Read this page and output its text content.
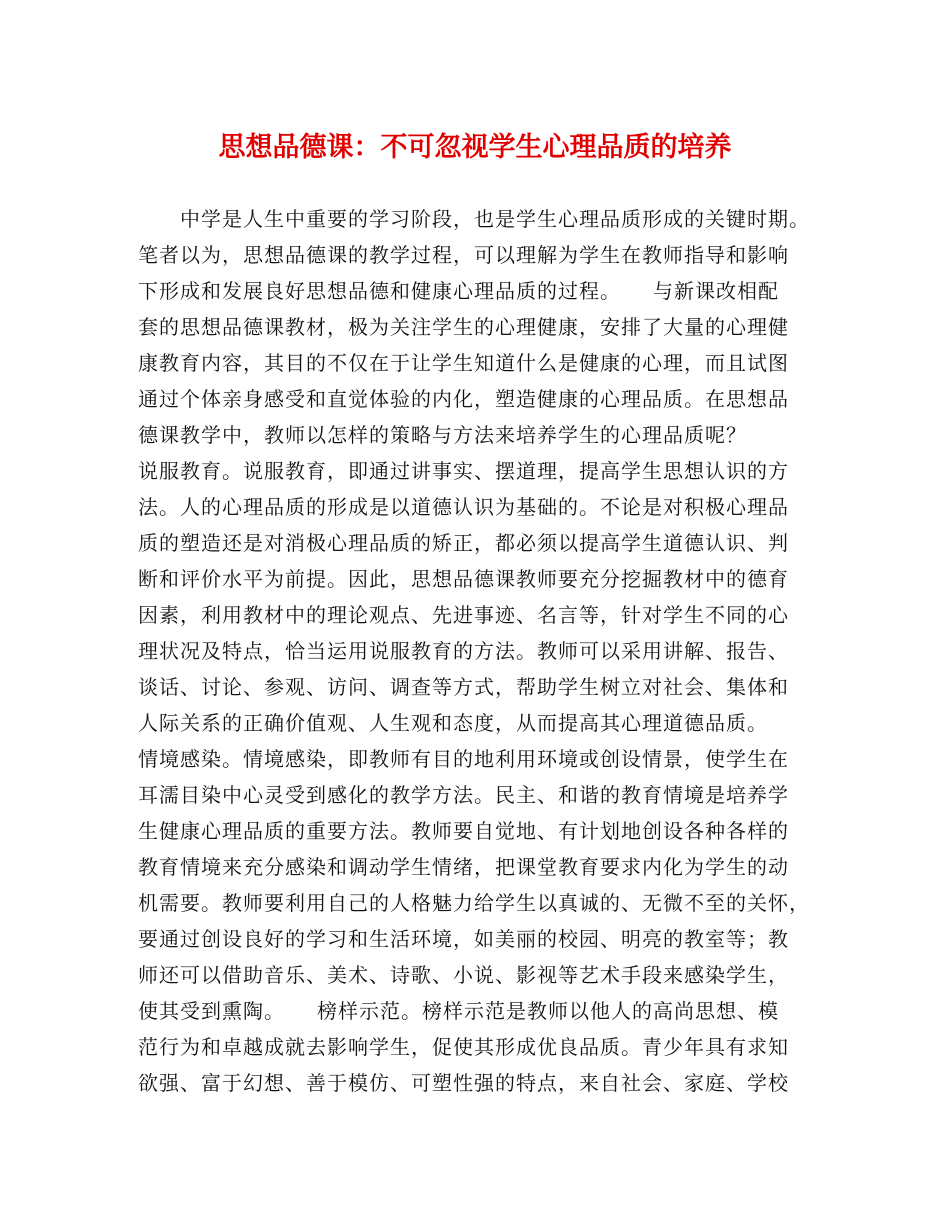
思想品德课：不可忽视学生心理品质的培养
　　中学是人生中重要的学习阶段，也是学生心理品质形成的关键时期。
笔者以为，思想品德课的教学过程，可以理解为学生在教师指导和影响
下形成和发展良好思想品德和健康心理品质的过程。　　与新课改相配
套的思想品德课教材，极为关注学生的心理健康，安排了大量的心理健
康教育内容，其目的不仅在于让学生知道什么是健康的心理，而且试图
通过个体亲身感受和直觉体验的内化，塑造健康的心理品质。在思想品
德课教学中，教师以怎样的策略与方法来培养学生的心理品质呢？
说服教育。说服教育，即通过讲事实、摆道理，提高学生思想认识的方
法。人的心理品质的形成是以道德认识为基础的。不论是对积极心理品
质的塑造还是对消极心理品质的矫正，都必须以提高学生道德认识、判
断和评价水平为前提。因此，思想品德课教师要充分挖掘教材中的德育
因素，利用教材中的理论观点、先进事迹、名言等，针对学生不同的心
理状况及特点，恰当运用说服教育的方法。教师可以采用讲解、报告、
谈话、讨论、参观、访问、调查等方式，帮助学生树立对社会、集体和
人际关系的正确价值观、人生观和态度，从而提高其心理道德品质。
情境感染。情境感染，即教师有目的地利用环境或创设情景，使学生在
耳濡目染中心灵受到感化的教学方法。民主、和谐的教育情境是培养学
生健康心理品质的重要方法。教师要自觉地、有计划地创设各种各样的
教育情境来充分感染和调动学生情绪，把课堂教育要求内化为学生的动
机需要。教师要利用自己的人格魅力给学生以真诚的、无微不至的关怀，
要通过创设良好的学习和生活环境，如美丽的校园、明亮的教室等；教
师还可以借助音乐、美术、诗歌、小说、影视等艺术手段来感染学生，
使其受到熏陶。　　榜样示范。榜样示范是教师以他人的高尚思想、模
范行为和卓越成就去影响学生，促使其形成优良品质。青少年具有求知
欲强、富于幻想、善于模仿、可塑性强的特点，来自社会、家庭、学校
